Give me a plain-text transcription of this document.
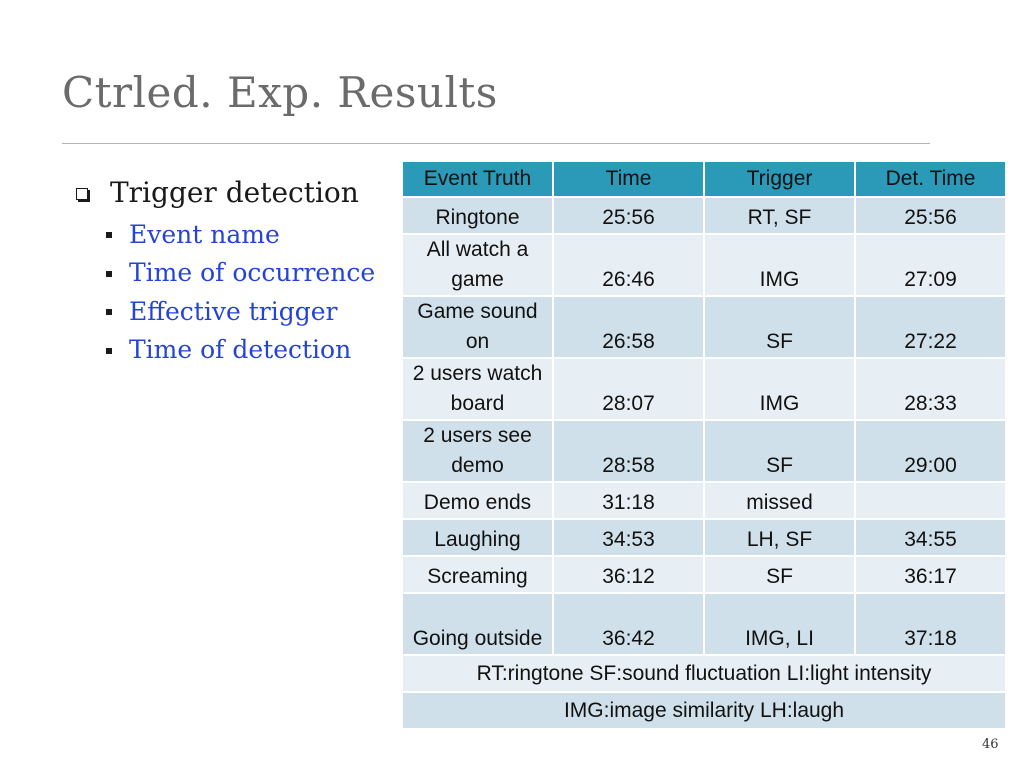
Ctrled. Exp. Results
Trigger detection
Event name
Time of occurrence
Effective trigger
Time of detection
Event Truth	Time	Trigger	Det. Time
Ringtone	25:56	RT, SF	25:56
All watch a game	26:46	IMG	27:09
Game sound on	26:58	SF	27:22
2 users watch board	28:07	IMG	28:33
2 users see demo	28:58	SF	29:00
Demo ends	31:18	missed	
Laughing	34:53	LH, SF	34:55
Screaming	36:12	SF	36:17
Going outside	36:42	IMG, LI	37:18
RT:ringtone SF:sound fluctuation LI:light intensity			
IMG:image similarity LH:laugh			
46
